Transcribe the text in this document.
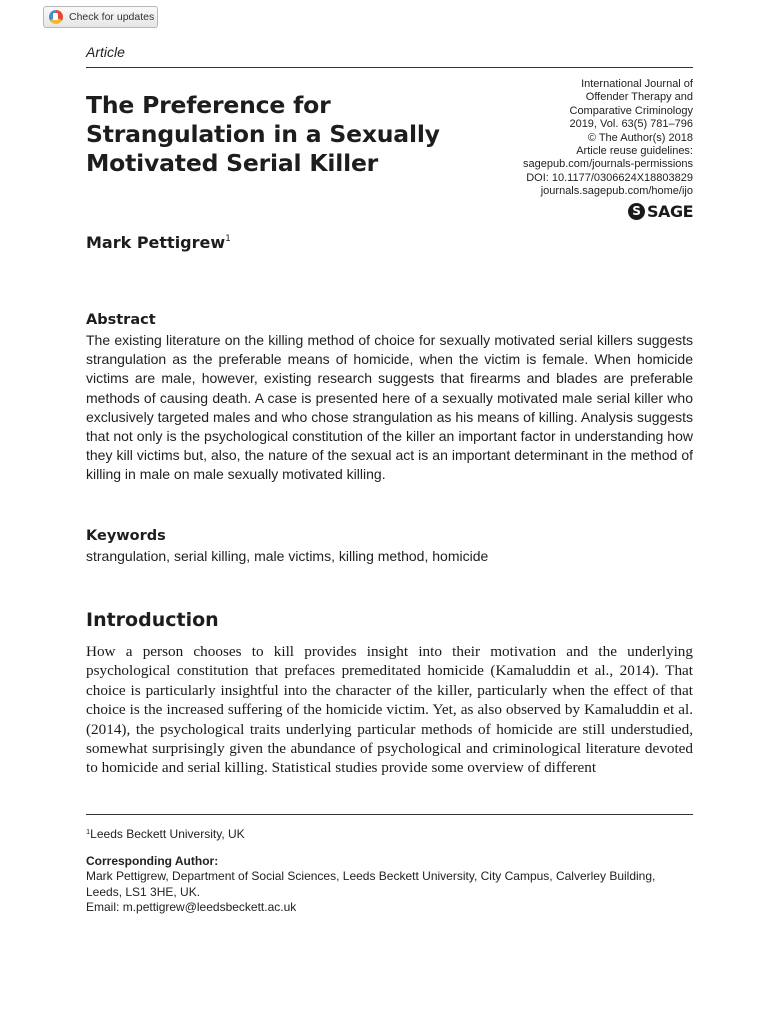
Check for updates
Article
The Preference for Strangulation in a Sexually Motivated Serial Killer
International Journal of
Offender Therapy and
Comparative Criminology
2019, Vol. 63(5) 781–796
© The Author(s) 2018
Article reuse guidelines:
sagepub.com/journals-permissions
DOI: 10.1177/0306624X18803829
journals.sagepub.com/home/ijo
S SAGE
Mark Pettigrew$^1$
Abstract

The existing literature on the killing method of choice for sexually motivated serial killers suggests strangulation as the preferable means of homicide, when the victim is female. When homicide victims are male, however, existing research suggests that firearms and blades are preferable methods of causing death. A case is presented here of a sexually motivated male serial killer who exclusively targeted males and who chose strangulation as his means of killing. Analysis suggests that not only is the psychological constitution of the killer an important factor in understanding how they kill victims but, also, the nature of the sexual act is an important determinant in the method of killing in male on male sexually motivated killing.

Keywords
strangulation, serial killing, male victims, killing method, homicide
Introduction

How a person chooses to kill provides insight into their motivation and the underlying psychological constitution that prefaces premeditated homicide (Kamaluddin et al., 2014). That choice is particularly insightful into the character of the killer, particularly when the effect of that choice is the increased suffering of the homicide victim. Yet, as also observed by Kamaluddin et al. (2014), the psychological traits underlying particular methods of homicide are still understudied, somewhat surprisingly given the abundance of psychological and criminological literature devoted to homicide and serial killing. Statistical studies provide some overview of different

$^1$Leeds Beckett University, UK
Corresponding Author:
Mark Pettigrew, Department of Social Sciences, Leeds Beckett University, City Campus, Calverley Building, Leeds, LS1 3HE, UK.
Email: m.pettigrew@leedsbeckett.ac.uk
